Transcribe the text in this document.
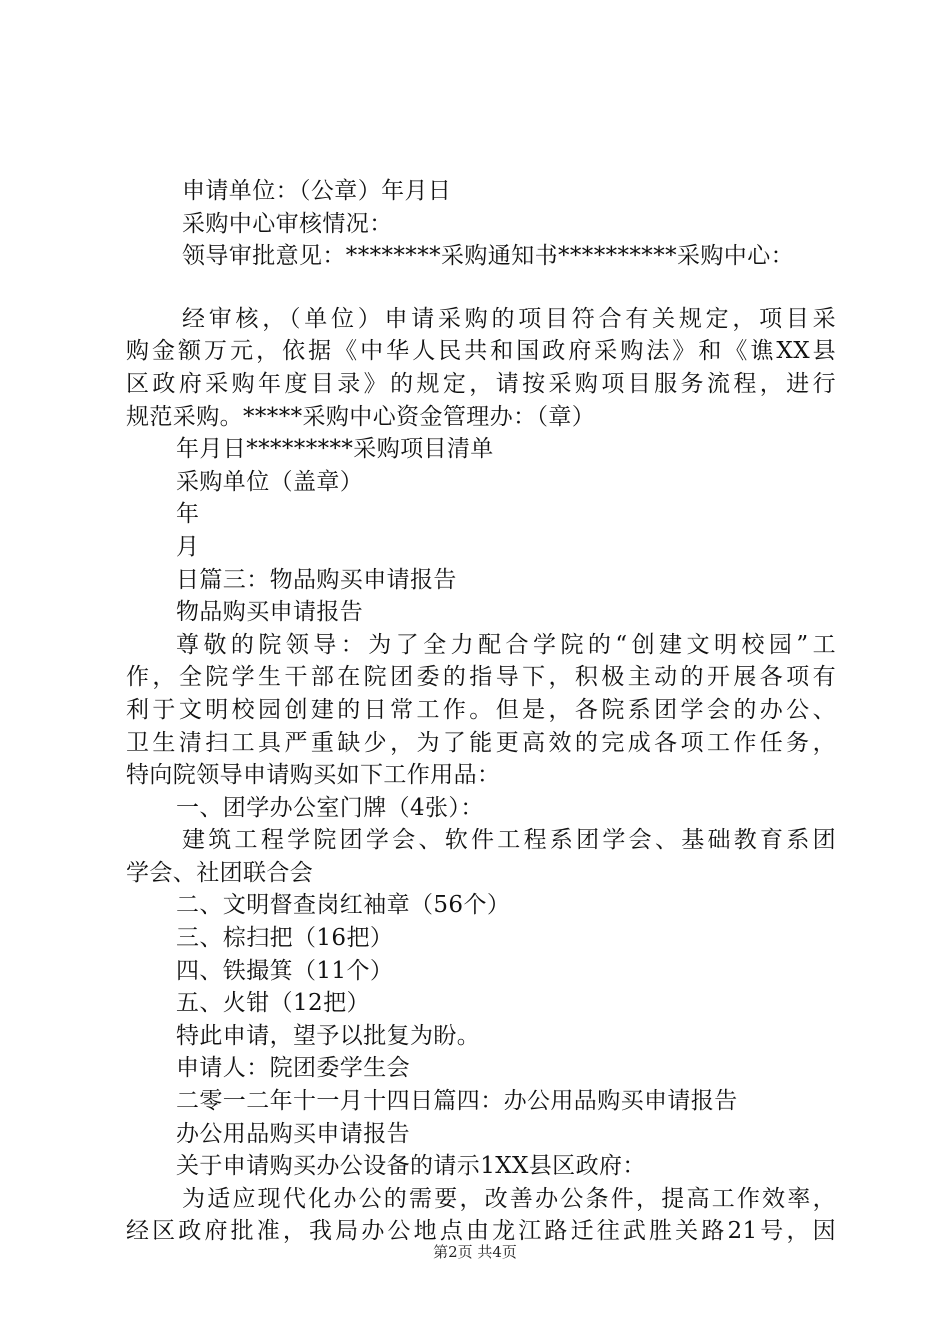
申请单位：（公章）年月日
采购中心审核情况：
领导审批意见：********采购通知书**********采购中心：
经审核，（单位）申请采购的项目符合有关规定，项目采
购金额万元，依据《中华人民共和国政府采购法》和《谯XX县
区政府采购年度目录》的规定，请按采购项目服务流程，进行
规范采购。*****采购中心资金管理办：（章）
年月日*********采购项目清单
采购单位（盖章）
年
月
日篇三：物品购买申请报告
物品购买申请报告
尊敬的院领导：为了全力配合学院的“创建文明校园”工
作，全院学生干部在院团委的指导下，积极主动的开展各项有
利于文明校园创建的日常工作。但是，各院系团学会的办公、
卫生清扫工具严重缺少，为了能更高效的完成各项工作任务，
特向院领导申请购买如下工作用品：
一、团学办公室门牌（4张）：
建筑工程学院团学会、软件工程系团学会、基础教育系团
学会、社团联合会
二、文明督查岗红袖章（56个）
三、棕扫把（16把）
四、铁撮箕（11个）
五、火钳（12把）
特此申请，望予以批复为盼。
申请人：院团委学生会
二零一二年十一月十四日篇四：办公用品购买申请报告
办公用品购买申请报告
关于申请购买办公设备的请示1XX县区政府：
为适应现代化办公的需要，改善办公条件，提高工作效率，
经区政府批准，我局办公地点由龙江路迁往武胜关路21号，因
第2页 共4页
